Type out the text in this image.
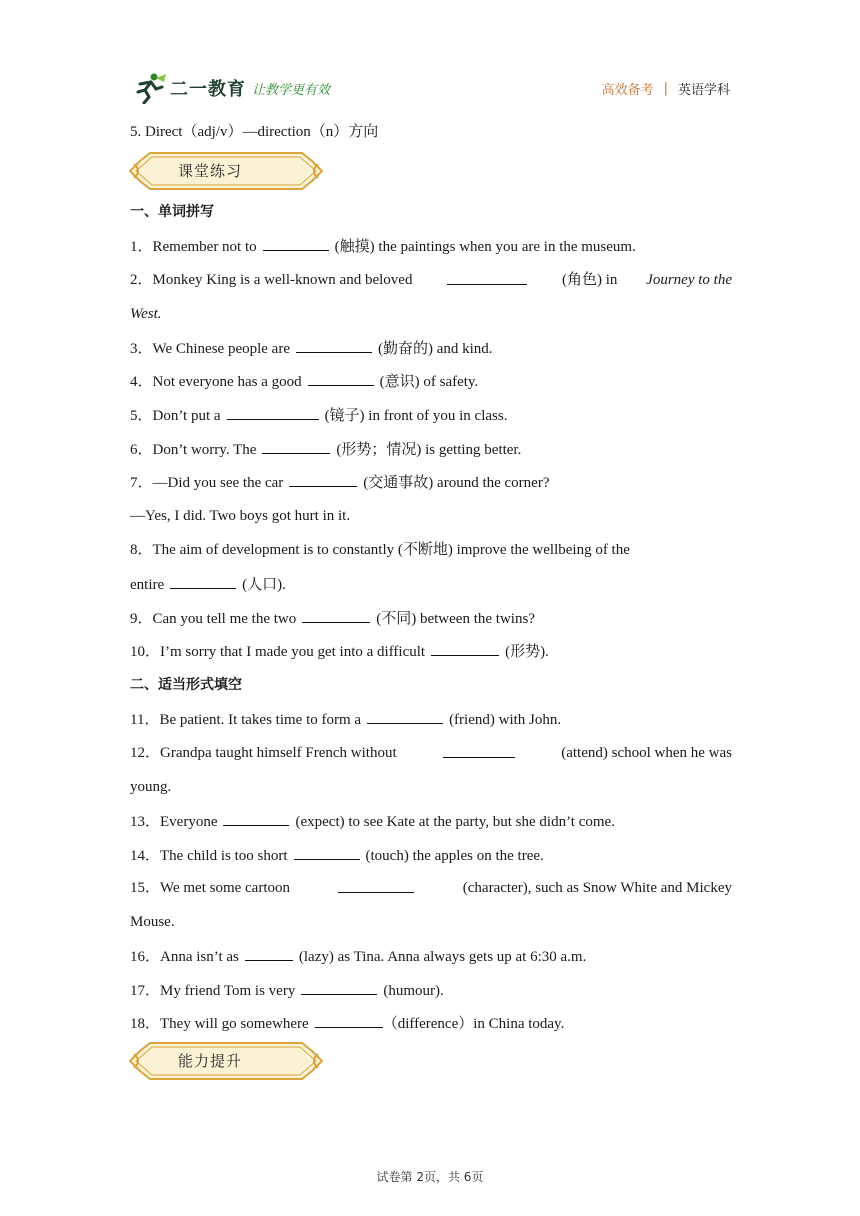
二一教育 让教学更有效	高效备考 | 英语学科
5. Direct（adj/v）—direction（n）方向
课堂练习
一、单词拼写
1．Remember not to	(触摸) the paintings when you are in the museum.
2．Monkey King is a well-known and beloved	(角色) in Journey to the
West.
3．We Chinese people are	(勤奋的) and kind.
4．Not everyone has a good	(意识) of safety.
5．Don’t put a	(镜子) in front of you in class.
6．Don’t worry. The	(形势；情况) is getting better.
7．—Did you see the car	(交通事故) around the corner?
—Yes, I did. Two boys got hurt in it.
8．The aim of development is to constantly (不断地) improve the wellbeing of the
entire	(人口).
9．Can you tell me the two	(不同) between the twins?
10．I’m sorry that I made you get into a difficult	(形势).
二、适当形式填空
11．Be patient. It takes time to form a	(friend) with John.
12．Grandpa taught himself French without	(attend) school when he was
young.
13．Everyone	(expect) to see Kate at the party, but she didn’t come.
14．The child is too short	(touch) the apples on the tree.
15．We met some cartoon	(character), such as Snow White and Mickey
Mouse.
16．Anna isn’t as	(lazy) as Tina. Anna always gets up at 6:30 a.m.
17．My friend Tom is very	(humour).
18．They will go somewhere	（difference）in China today.
能力提升
试卷第 2页，共 6页
